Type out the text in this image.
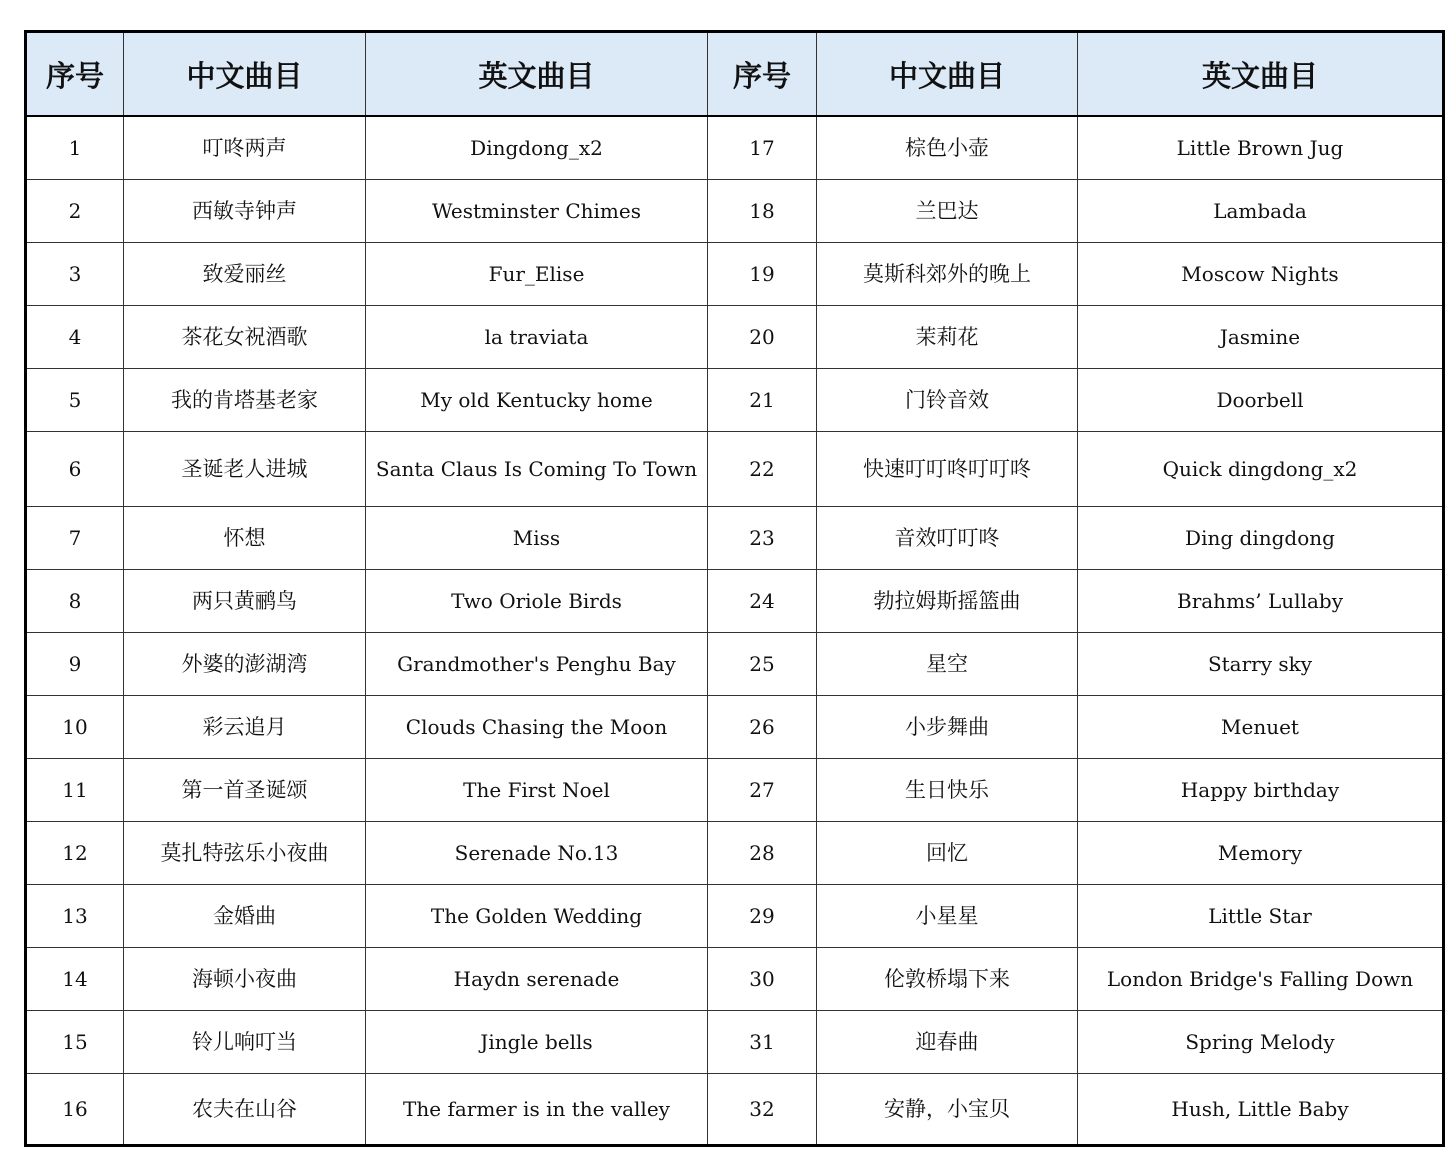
序号	中文曲目	英文曲目	序号	中文曲目	英文曲目
1	叮咚两声	Dingdong_x2	17	棕色小壶	Little Brown Jug
2	西敏寺钟声	Westminster Chimes	18	兰巴达	Lambada
3	致爱丽丝	Fur_Elise	19	莫斯科郊外的晚上	Moscow Nights
4	茶花女祝酒歌	la traviata	20	茉莉花	Jasmine
5	我的肯塔基老家	My old Kentucky home	21	门铃音效	Doorbell
6	圣诞老人进城	Santa Claus Is Coming To Town	22	快速叮叮咚叮叮咚	Quick dingdong_x2
7	怀想	Miss	23	音效叮叮咚	Ding dingdong
8	两只黄鹂鸟	Two Oriole Birds	24	勃拉姆斯摇篮曲	Brahms’ Lullaby
9	外婆的澎湖湾	Grandmother's Penghu Bay	25	星空	Starry sky
10	彩云追月	Clouds Chasing the Moon	26	小步舞曲	Menuet
11	第一首圣诞颂	The First Noel	27	生日快乐	Happy birthday
12	莫扎特弦乐小夜曲	Serenade No.13	28	回忆	Memory
13	金婚曲	The Golden Wedding	29	小星星	Little Star
14	海顿小夜曲	Haydn serenade	30	伦敦桥塌下来	London Bridge's Falling Down
15	铃儿响叮当	Jingle bells	31	迎春曲	Spring Melody
16	农夫在山谷	The farmer is in the valley	32	安静，小宝贝	Hush, Little Baby
